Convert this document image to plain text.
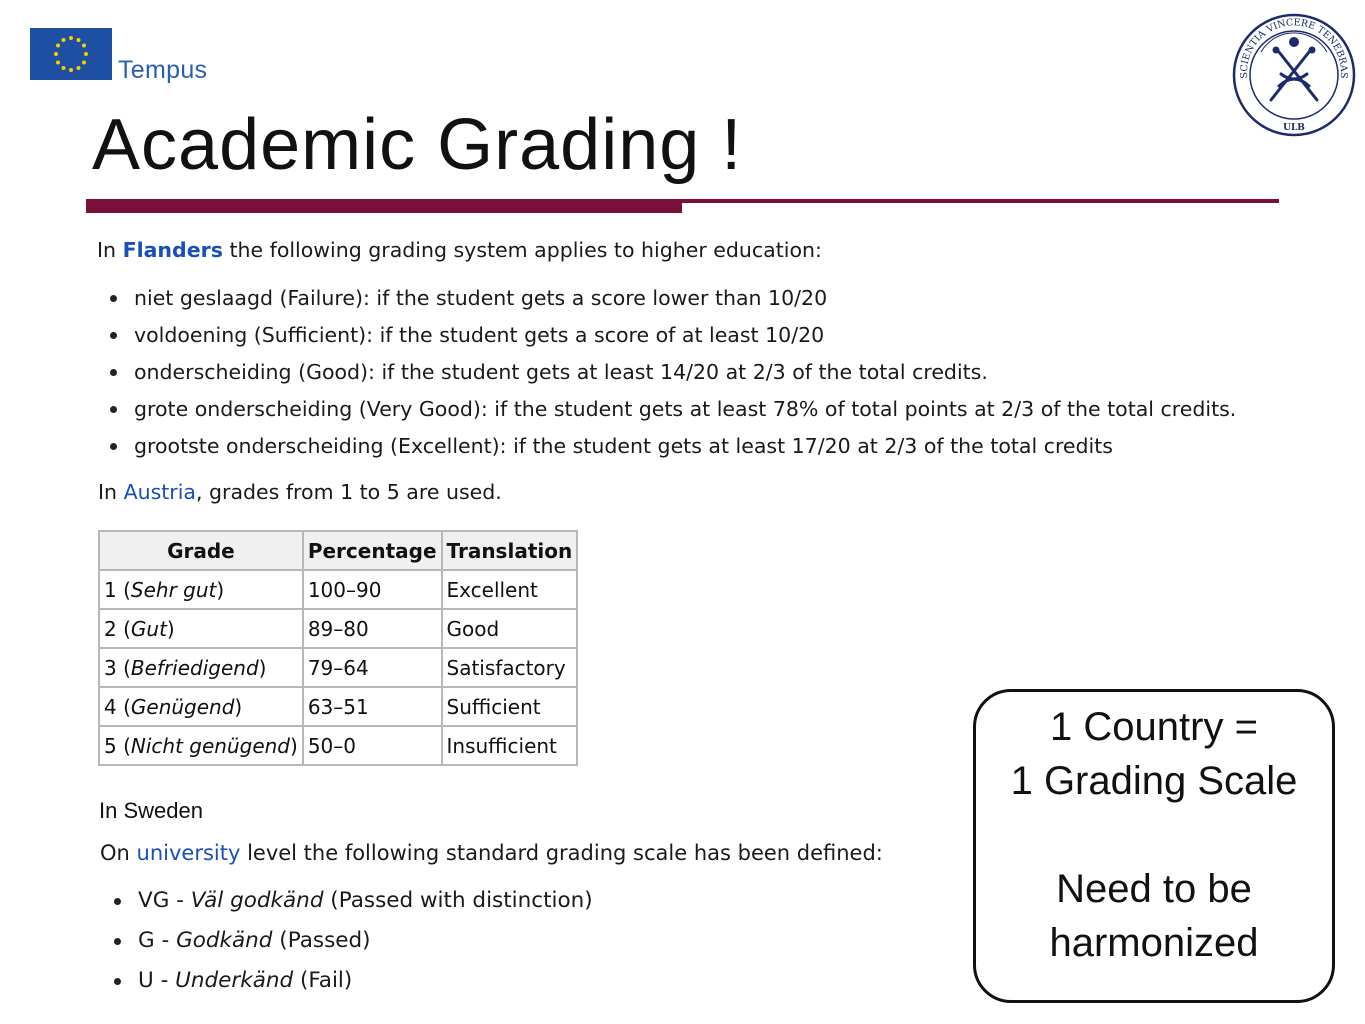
Tempus
ULB
SCIENTIA VINCERE TENEBRAS
Academic Grading !
In Flanders the following grading system applies to higher education:
niet geslaagd (Failure): if the student gets a score lower than 10/20
voldoening (Sufficient): if the student gets a score of at least 10/20
onderscheiding (Good): if the student gets at least 14/20 at 2/3 of the total credits.
grote onderscheiding (Very Good): if the student gets at least 78% of total points at 2/3 of the total credits.
grootste onderscheiding (Excellent): if the student gets at least 17/20 at 2/3 of the total credits
In Austria, grades from 1 to 5 are used.
Grade	Percentage	Translation
1 (Sehr gut)	100–90	Excellent
2 (Gut)	89–80	Good
3 (Befriedigend)	79–64	Satisfactory
4 (Genügend)	63–51	Sufficient
5 (Nicht genügend)	50–0	Insufficient
In Sweden
On university level the following standard grading scale has been defined:
VG - Väl godkänd (Passed with distinction)
G - Godkänd (Passed)
U - Underkänd (Fail)
1 Country =
1 Grading Scale
Need to be
harmonized
